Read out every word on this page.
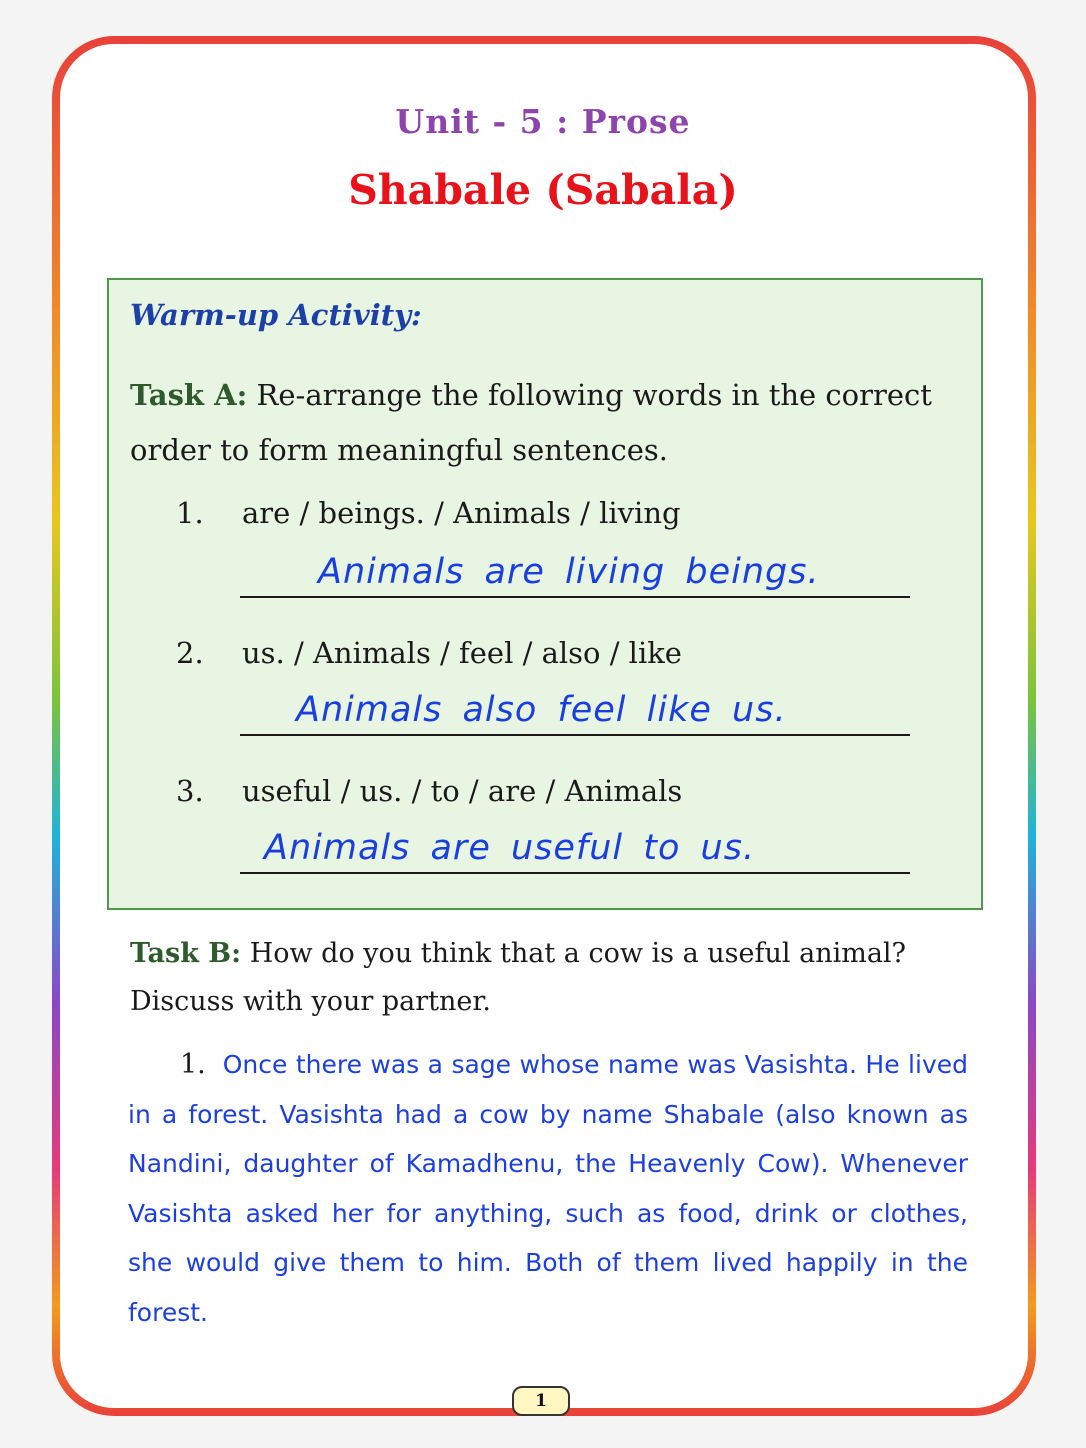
Unit - 5 : Prose
Shabale (Sabala)
Warm-up Activity:
Task A: Re-arrange the following words in the correct order to form meaningful sentences.
1. are / beings. / Animals / living
Animals are living beings.
2. us. / Animals / feel / also / like
Animals also feel like us.
3. useful / us. / to / are / Animals
Animals are useful to us.
Task B: How do you think that a cow is a useful animal? Discuss with your partner.
1. Once there was a sage whose name was Vasishta. He lived in a forest. Vasishta had a cow by name Shabale (also known as Nandini, daughter of Kamadhenu, the Heavenly Cow). Whenever Vasishta asked her for anything, such as food, drink or clothes, she would give them to him. Both of them lived happily in the forest.
1
